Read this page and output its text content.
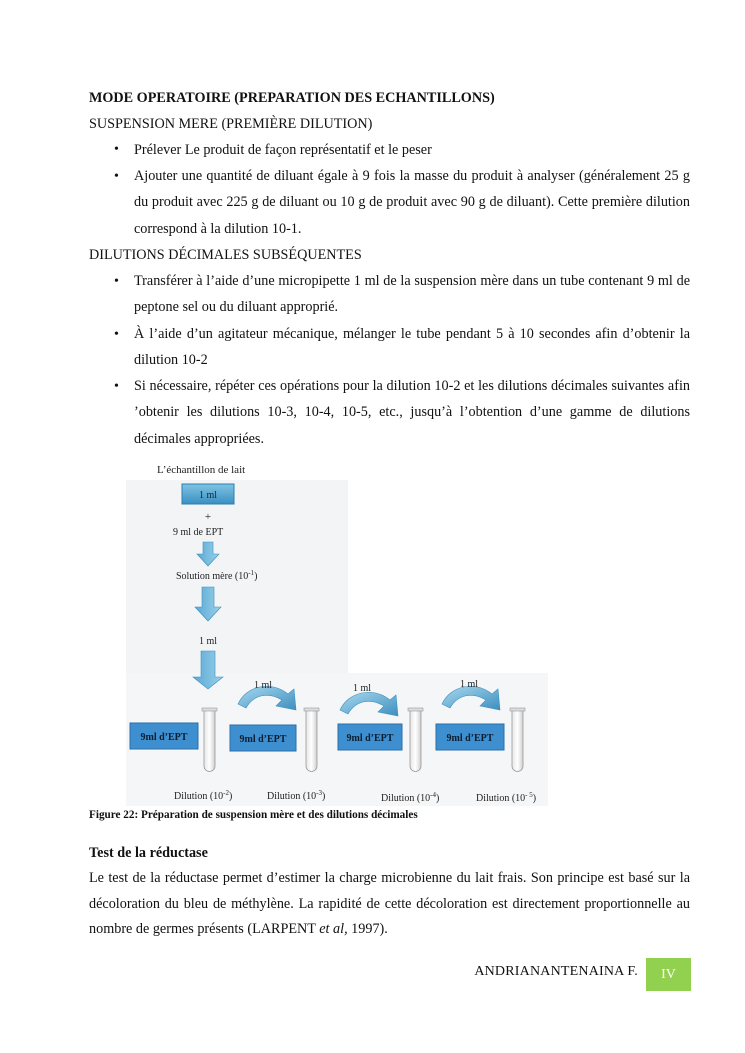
MODE OPERATOIRE (PREPARATION DES ECHANTILLONS)
SUSPENSION MERE (PREMIÈRE DILUTION)
• Prélever Le produit de façon représentatif et le peser
• Ajouter une quantité de diluant égale à 9 fois la masse du produit à analyser (généralement 25 g du produit avec 225 g de diluant ou 10 g de produit avec 90 g de diluant). Cette première dilution correspond à la dilution 10-1.
DILUTIONS DÉCIMALES SUBSÉQUENTES
• Transférer à l’aide d’une micropipette 1 ml de la suspension mère dans un tube contenant 9 ml de peptone sel ou du diluant approprié.
• À l’aide d’un agitateur mécanique, mélanger le tube pendant 5 à 10 secondes afin d’obtenir la dilution 10-2
• Si nécessaire, répéter ces opérations pour la dilution 10-2 et les dilutions décimales suivantes afin ’obtenir les dilutions 10-3, 10-4, 10-5, etc., jusqu’à l’obtention d’une gamme de dilutions décimales appropriées.
L’échantillon de lait
1 ml
+
9 ml de EPT
Solution mère $(10^{-1})$
1 ml
1 ml	1 ml	1 ml
9ml d’EPT	9ml d’EPT	9ml d’EPT	9ml d’EPT
Dilution $(10^{-2})$	Dilution $(10^{-3})$	Dilution $(10^{-4})$	Dilution $(10^{- 5})$
Figure 22: Préparation de suspension mère et des dilutions décimales
Test de la réductase
Le test de la réductase permet d’estimer la charge microbienne du lait frais. Son principe est basé sur la décoloration du bleu de méthylène. La rapidité de cette décoloration est directement proportionnelle au nombre de germes présents (LARPENT et al, 1997).
ANDRIANANTENAINA F.	IV
